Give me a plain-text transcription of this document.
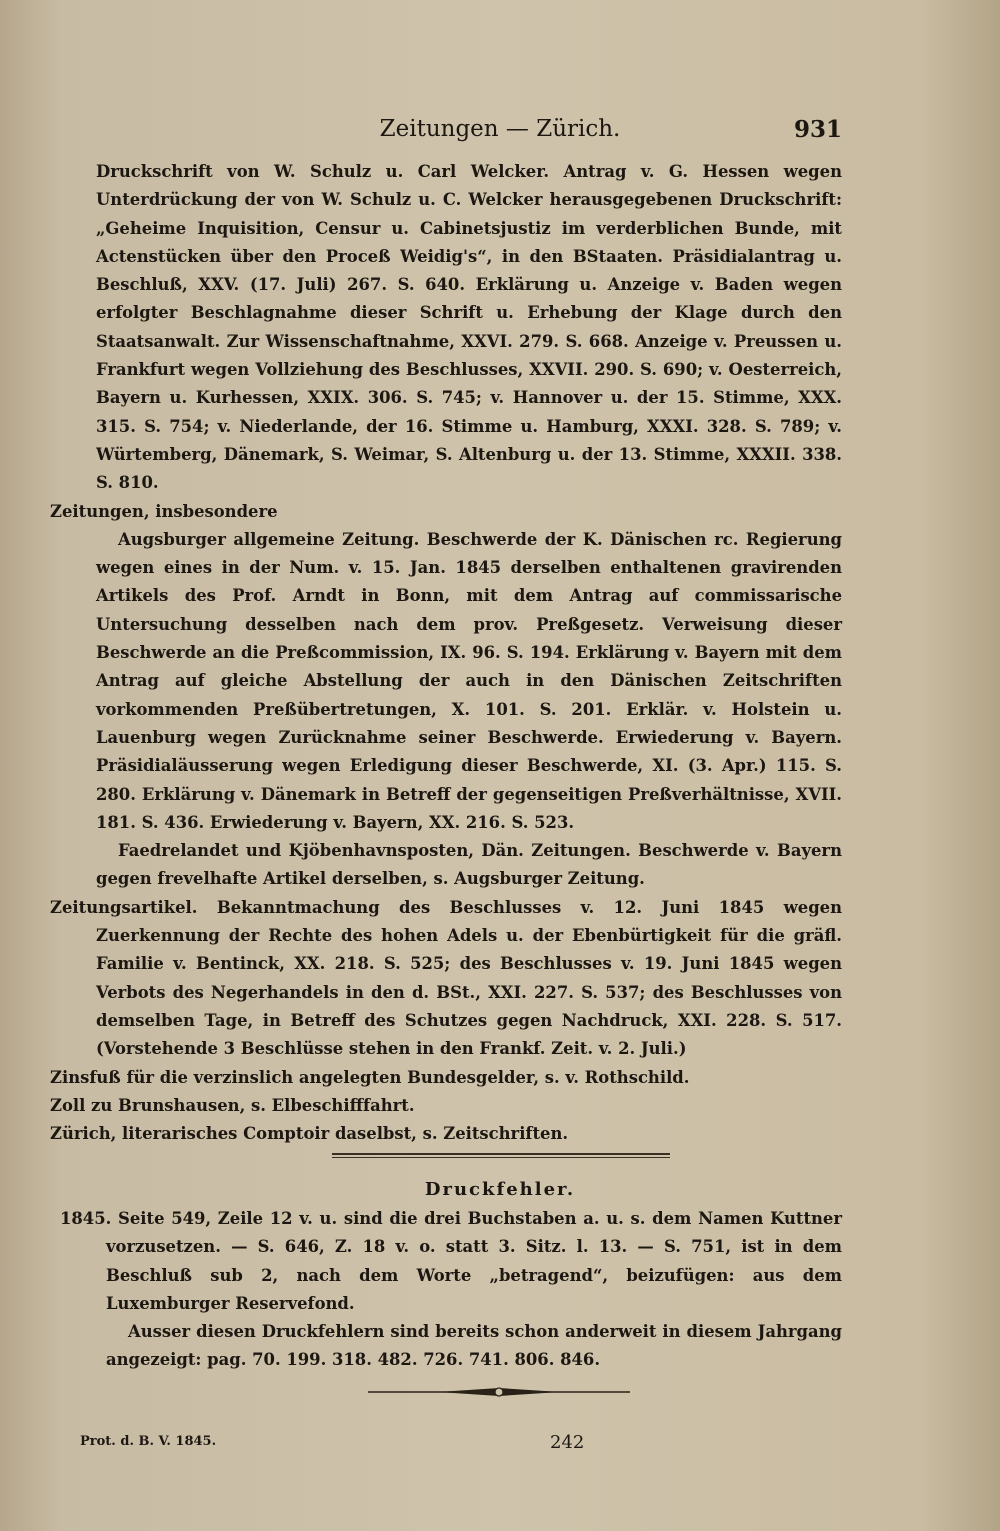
Zeitungen — Zürich.	931

Druckschrift von W. Schulz u. Carl Welcker. Antrag v. G. Hessen wegen Unterdrückung der von W. Schulz u. C. Welcker herausgegebenen Druckschrift: „Geheime Inquisition, Censur u. Cabinetsjustiz im verderblichen Bunde, mit Actenstücken über den Proceß Weidig's“, in den BStaaten. Präsidialantrag u. Beschluß, XXV. (17. Juli) 267. S. 640. Erklärung u. Anzeige v. Baden wegen erfolgter Beschlagnahme dieser Schrift u. Erhebung der Klage durch den Staatsanwalt. Zur Wissenschaftnahme, XXVI. 279. S. 668. Anzeige v. Preussen u. Frankfurt wegen Vollziehung des Beschlusses, XXVII. 290. S. 690; v. Oesterreich, Bayern u. Kurhessen, XXIX. 306. S. 745; v. Hannover u. der 15. Stimme, XXX. 315. S. 754; v. Niederlande, der 16. Stimme u. Hamburg, XXXI. 328. S. 789; v. Würtemberg, Dänemark, S. Weimar, S. Altenburg u. der 13. Stimme, XXXII. 338. S. 810.

Zeitungen, insbesondere

Augsburger allgemeine Zeitung. Beschwerde der K. Dänischen rc. Regierung wegen eines in der Num. v. 15. Jan. 1845 derselben enthaltenen gravirenden Artikels des Prof. Arndt in Bonn, mit dem Antrag auf commissarische Untersuchung desselben nach dem prov. Preßgesetz. Verweisung dieser Beschwerde an die Preßcommission, IX. 96. S. 194. Erklärung v. Bayern mit dem Antrag auf gleiche Abstellung der auch in den Dänischen Zeitschriften vorkommenden Preßübertretungen, X. 101. S. 201. Erklär. v. Holstein u. Lauenburg wegen Zurücknahme seiner Beschwerde. Erwiederung v. Bayern. Präsidialäusserung wegen Erledigung dieser Beschwerde, XI. (3. Apr.) 115. S. 280. Erklärung v. Dänemark in Betreff der gegenseitigen Preßverhältnisse, XVII. 181. S. 436. Erwiederung v. Bayern, XX. 216. S. 523.

Faedrelandet und Kjöbenhavnsposten, Dän. Zeitungen. Beschwerde v. Bayern gegen frevelhafte Artikel derselben, s. Augsburger Zeitung.

Zeitungsartikel. Bekanntmachung des Beschlusses v. 12. Juni 1845 wegen Zuerkennung der Rechte des hohen Adels u. der Ebenbürtigkeit für die gräfl. Familie v. Bentinck, XX. 218. S. 525; des Beschlusses v. 19. Juni 1845 wegen Verbots des Negerhandels in den d. BSt., XXI. 227. S. 537; des Beschlusses von demselben Tage, in Betreff des Schutzes gegen Nachdruck, XXI. 228. S. 517. (Vorstehende 3 Beschlüsse stehen in den Frankf. Zeit. v. 2. Juli.)

Zinsfuß für die verzinslich angelegten Bundesgelder, s. v. Rothschild.

Zoll zu Brunshausen, s. Elbeschifffahrt.

Zürich, literarisches Comptoir daselbst, s. Zeitschriften.

Druckfehler.

1845. Seite 549, Zeile 12 v. u. sind die drei Buchstaben a. u. s. dem Namen Kuttner vorzusetzen. — S. 646, Z. 18 v. o. statt 3. Sitz. l. 13. — S. 751, ist in dem Beschluß sub 2, nach dem Worte „betragend“, beizufügen: aus dem Luxemburger Reservefond.

Ausser diesen Druckfehlern sind bereits schon anderweit in diesem Jahrgang angezeigt: pag. 70. 199. 318. 482. 726. 741. 806. 846.

Prot. d. B. V. 1845.	242
